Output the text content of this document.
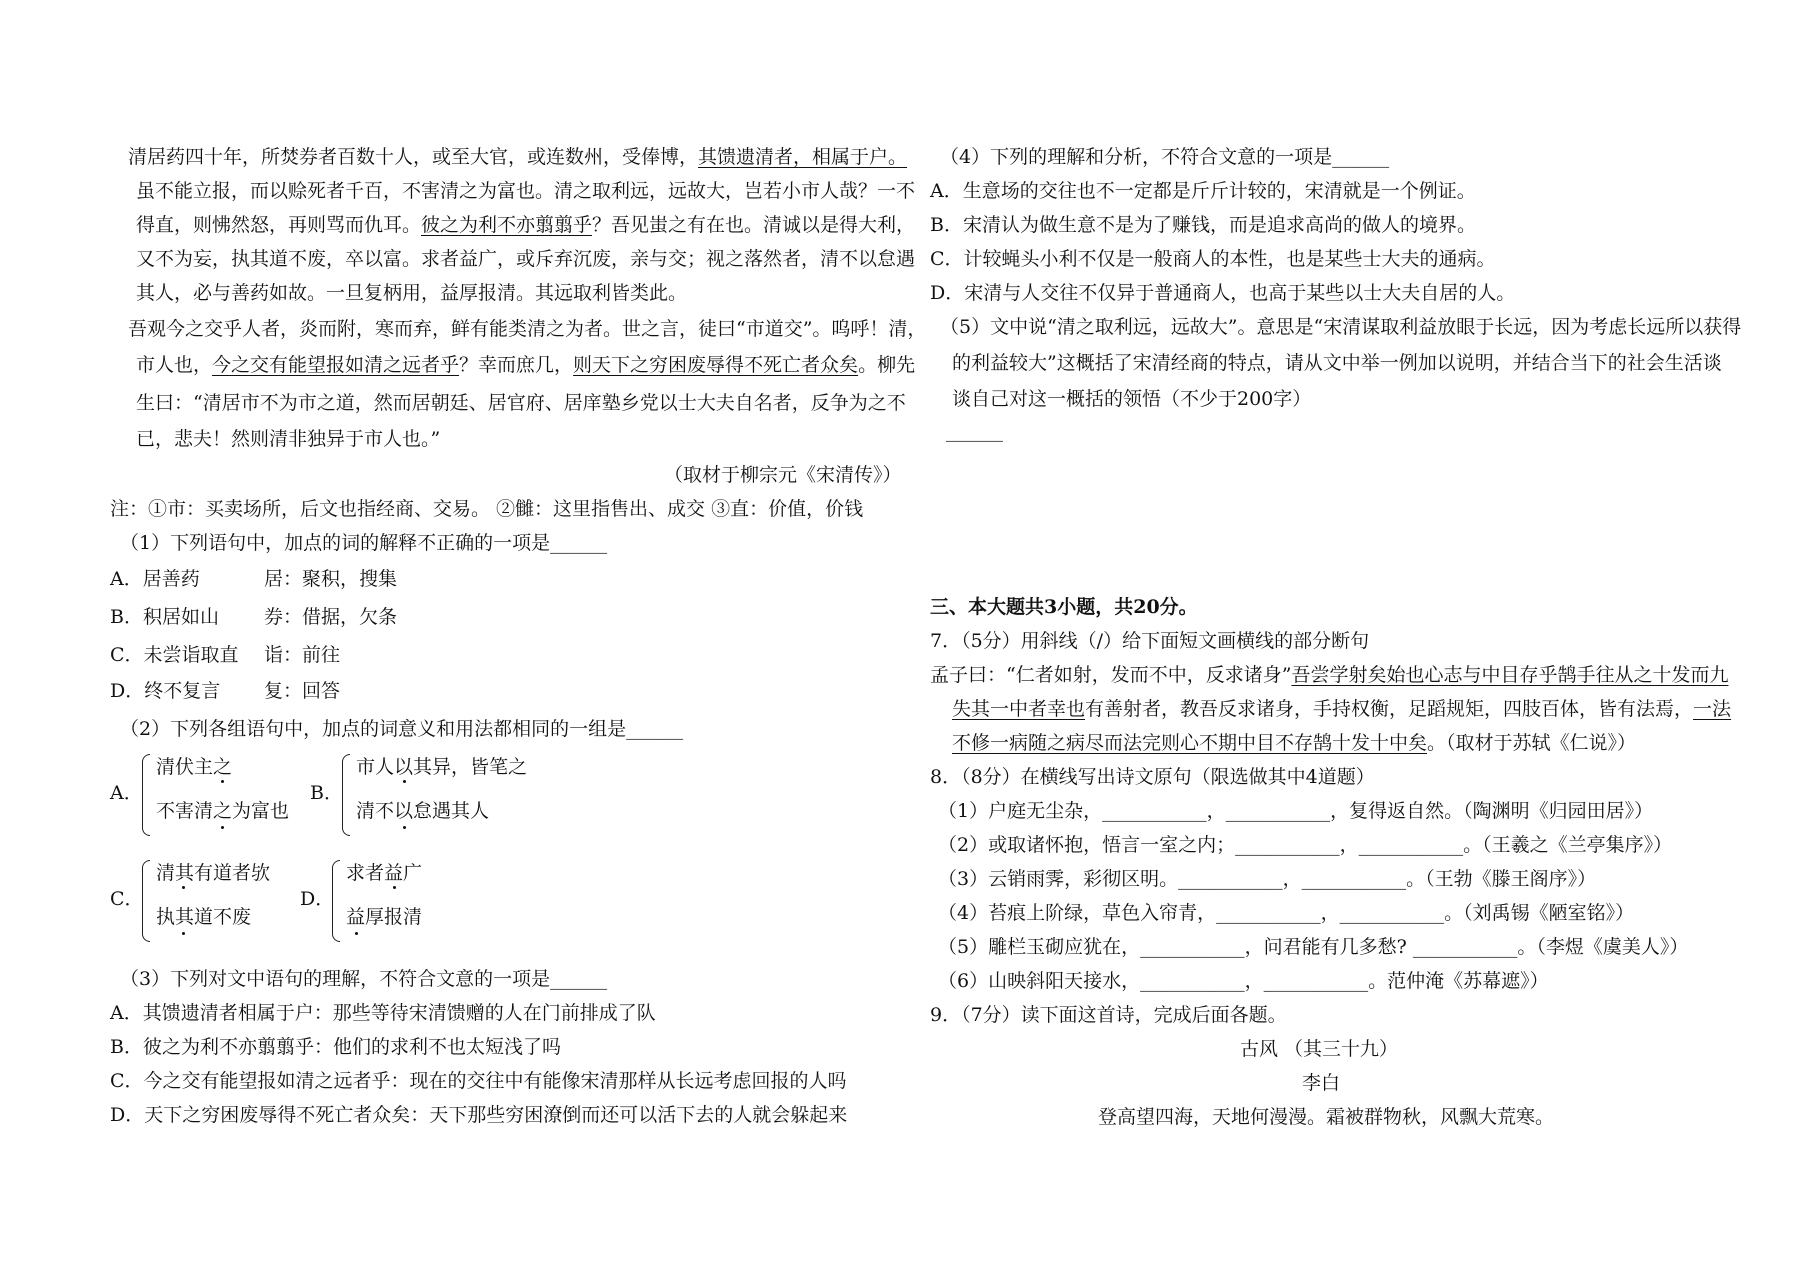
清居药四十年，所焚券者百数十人，或至大官，或连数州，受俸博，其馈遗清者，相属于户。
虽不能立报，而以赊死者千百，不害清之为富也。清之取利远，远故大，岂若小市人哉？一不
得直，则怫然怒，再则骂而仇耳。彼之为利不亦翦翦乎？吾见蚩之有在也。清诚以是得大利，
又不为妄，执其道不废，卒以富。求者益广，或斥弃沉废，亲与交；视之落然者，清不以怠遇
其人，必与善药如故。一旦复柄用，益厚报清。其远取利皆类此。
吾观今之交乎人者，炎而附，寒而弃，鲜有能类清之为者。世之言，徒曰“市道交”。呜呼！清，
市人也，今之交有能望报如清之远者乎？幸而庶几，则天下之穷困废辱得不死亡者众矣。柳先
生曰：“清居市不为市之道，然而居朝廷、居官府、居庠塾乡党以士大夫自名者，反争为之不
已，悲夫！然则清非独异于市人也。”
（取材于柳宗元《宋清传》）
注：①市：买卖场所，后文也指经商、交易。 ②雠：这里指售出、成交 ③直：价值，价钱
（1）下列语句中，加点的词的解释不正确的一项是______
A．居善药	居：聚积，搜集
B．积居如山 券：借据，欠条
C．未尝诣取直 诣：前往
D．终不复言 复：回答
（2）下列各组语句中，加点的词意义和用法都相同的一组是______
A．
清伏主之
不害清之为富也
B．
市人以其异，皆笔之
清不以怠遇其人
C．
清其有道者欤
执其道不废
D．
求者益广
益厚报清
（3）下列对文中语句的理解，不符合文意的一项是______
A．其馈遗清者相属于户：那些等待宋清馈赠的人在门前排成了队
B．彼之为利不亦翦翦乎：他们的求利不也太短浅了吗
C．今之交有能望报如清之远者乎：现在的交往中有能像宋清那样从长远考虑回报的人吗
D．天下之穷困废辱得不死亡者众矣：天下那些穷困潦倒而还可以活下去的人就会躲起来
（4）下列的理解和分析，不符合文意的一项是______
A．生意场的交往也不一定都是斤斤计较的，宋清就是一个例证。
B．宋清认为做生意不是为了赚钱，而是追求高尚的做人的境界。
C．计较蝇头小利不仅是一般商人的本性，也是某些士大夫的通病。
D．宋清与人交往不仅异于普通商人，也高于某些以士大夫自居的人。
（5）文中说“清之取利远，远故大”。意思是“宋清谋取利益放眼于长远，因为考虑长远所以获得
的利益较大”这概括了宋清经商的特点，请从文中举一例加以说明，并结合当下的社会生活谈
谈自己对这一概括的领悟（不少于200字）
______
三、本大题共3小题，共20分。
7．（5分）用斜线（/）给下面短文画横线的部分断句
孟子曰：“仁者如射，发而不中，反求诸身”吾尝学射矣始也心志与中目存乎鹄手往从之十发而九
失其一中者幸也有善射者，教吾反求诸身，手持权衡，足蹈规矩，四肢百体，皆有法焉，一法
不修一病随之病尽而法完则心不期中目不存鹄十发十中矣。（取材于苏轼《仁说》）
8．（8分）在横线写出诗文原句（限选做其中4道题）
（1）户庭无尘杂，___________，___________，复得返自然。（陶渊明《归园田居》）
（2）或取诸怀抱，悟言一室之内；___________，___________。（王羲之《兰亭集序》）
（3）云销雨霁，彩彻区明。___________，___________。（王勃《滕王阁序》）
（4）苔痕上阶绿，草色入帘青，___________，___________。（刘禹锡《陋室铭》）
（5）雕栏玉砌应犹在，___________，问君能有几多愁? ___________。（李煜《虞美人》）
（6）山映斜阳天接水，___________，___________。范仲淹《苏幕遮》）
9．（7分）读下面这首诗，完成后面各题。
古风 （其三十九）
李白
登高望四海，天地何漫漫。霜被群物秋，风飘大荒寒。
